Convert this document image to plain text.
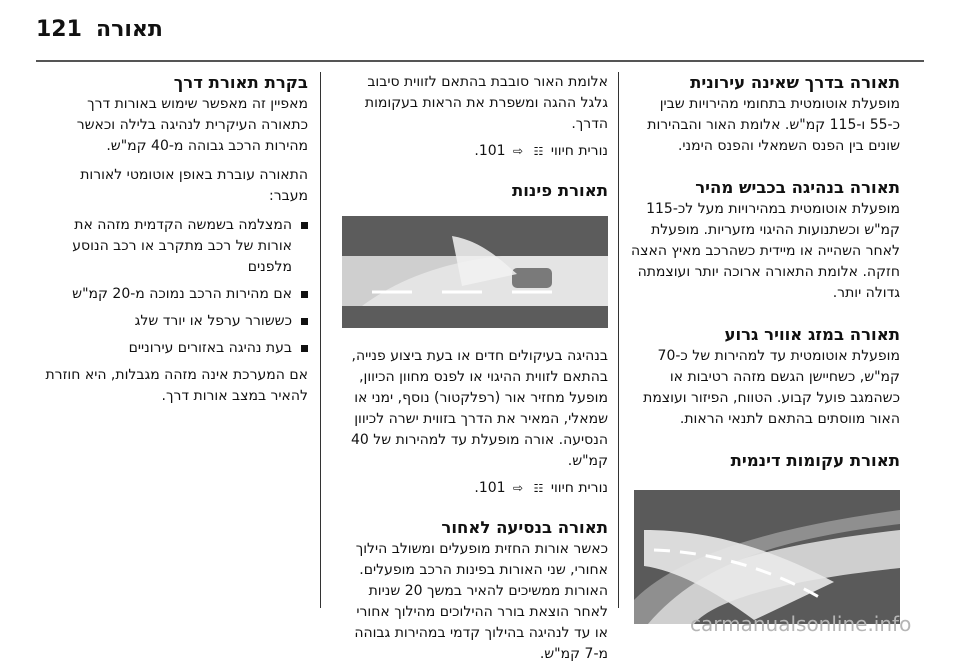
121 תאורה
תאורה בדרך שאינה עירונית

מופעלת אוטומטית בתחומי מהירויות שבין כ-55 ו-115 קמ"ש. אלומת האור והבהירות שונים בין הפנס השמאלי והפנס הימני.

תאורה בנהיגה בכביש מהיר

מופעלת אוטומטית במהירויות מעל לכ-115 קמ"ש וכשתנועות ההיגוי מזעריות. מופעלת לאחר השהייה או מיידית כשהרכב מאיץ האצה חזקה. אלומת התאורה ארוכה יותר ועוצמתה גדולה יותר.

תאורה במזג אוויר גרוע

מופעלת אוטומטית עד למהירות של כ-70 קמ"ש, כשחיישן הגשם מזהה רטיבות או כשהמגב פועל קבוע. הטווח, הפיזור ועוצמת האור מווסתים בהתאם לתנאי הראות.

תאורת עקומות דינמית

אלומת האור סובבת בהתאם לזווית סיבוב גלגל ההגה ומשפרת את הראות בעקומות הדרך.

נורית חיווי ☷ ⇨ 101.
תאורת פינות

בנהיגה בעיקולים חדים או בעת ביצוע פנייה, בהתאם לזווית ההיגוי או לפנס מחוון הכיוון, מופעל מחזיר אור (רפלקטור) נוסף, ימני או שמאלי, המאיר את הדרך בזווית ישרה לכיוון הנסיעה. אורה מופעלת עד למהירות של 40 קמ"ש.

נורית חיווי ☷ ⇨ 101.
תאורה בנסיעה לאחור

כאשר אורות החזית מופעלים ומשולב הילוך אחורי, שני האורות בפינות הרכב מופעלים. האורות ממשיכים להאיר במשך 20 שניות לאחר הוצאת בורר ההילוכים מהילוך אחורי או עד לנהיגה בהילוך קדמי במהירות גבוהה מ-7 קמ"ש.

בקרת תאורת דרך

מאפיין זה מאפשר שימוש באורות דרך כתאורה העיקרית לנהיגה בלילה וכאשר מהירות הרכב גבוהה מ-40 קמ"ש.

התאורה עוברת באופן אוטומטי לאורות מעבר:

המצלמה בשמשה הקדמית מזהה את אורות של רכב מתקרב או רכב הנוסע מלפנים
אם מהירות הרכב נמוכה מ-20 קמ"ש
כששורר ערפל או יורד שלג
בעת נהיגה באזורים עירוניים

אם המערכת אינה מזהה מגבלות, היא חוזרת להאיר במצב אורות דרך.

carmanualsonline.info
